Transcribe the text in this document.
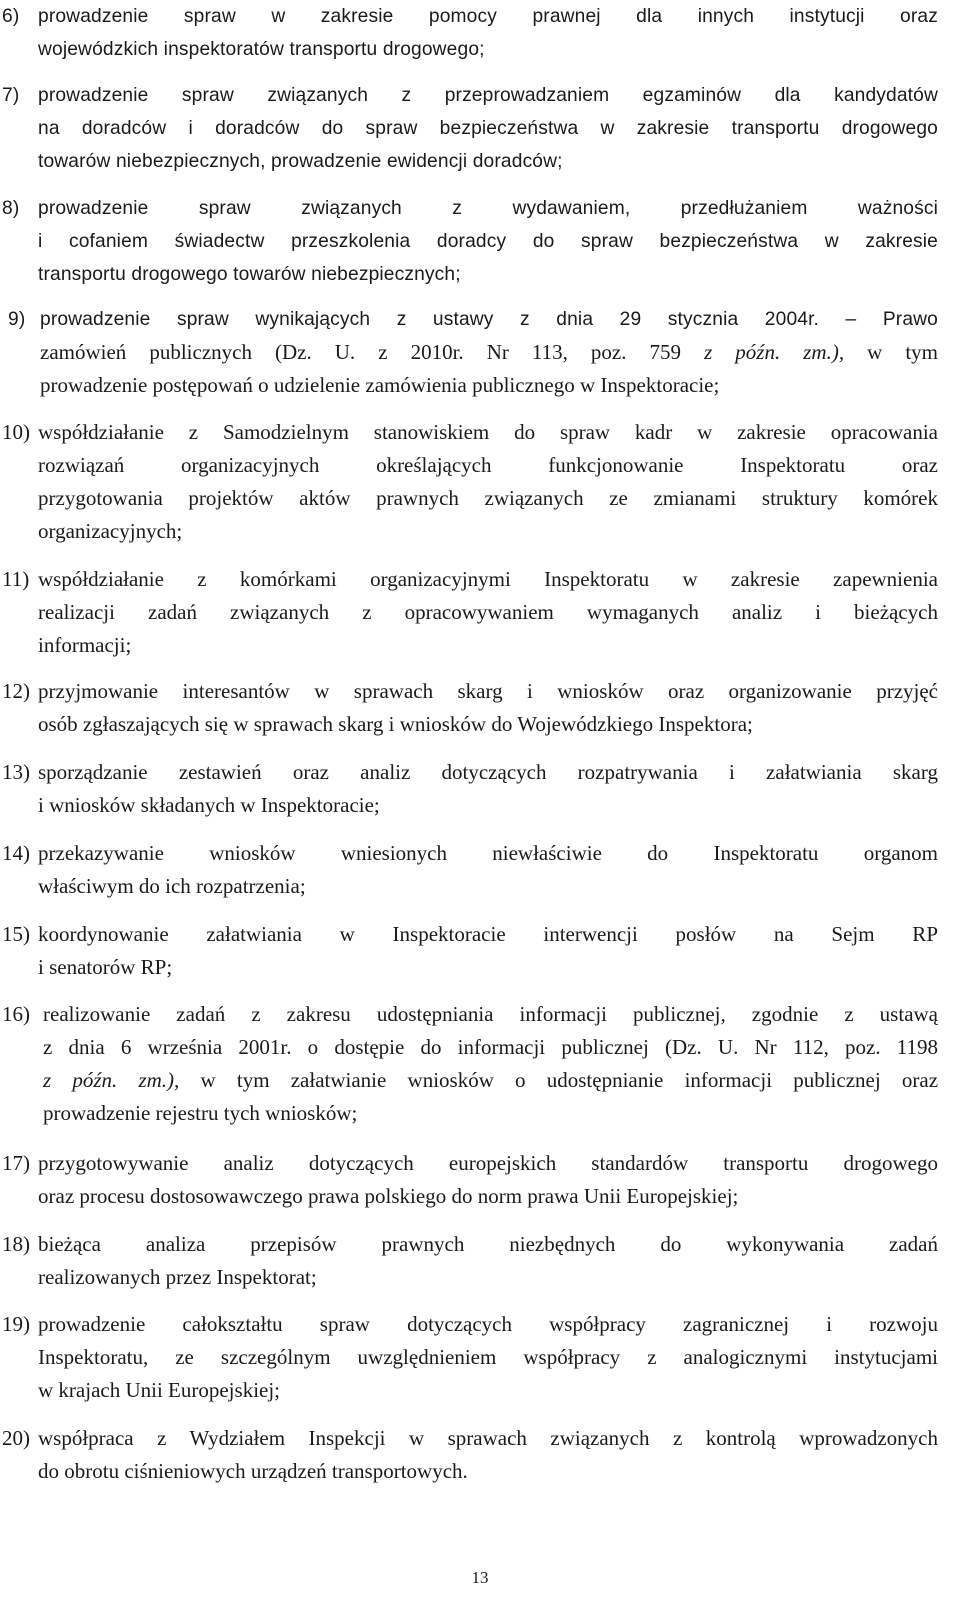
6) prowadzenie spraw w zakresie pomocy prawnej dla innych instytucji oraz
wojewódzkich inspektoratów transportu drogowego;
7) prowadzenie spraw związanych z przeprowadzaniem egzaminów dla kandydatów
na doradców i doradców do spraw bezpieczeństwa w zakresie transportu drogowego
towarów niebezpiecznych, prowadzenie ewidencji doradców;
8) prowadzenie spraw związanych z wydawaniem, przedłużaniem ważności
i cofaniem świadectw przeszkolenia doradcy do spraw bezpieczeństwa w zakresie
transportu drogowego towarów niebezpiecznych;
9) prowadzenie spraw wynikających z ustawy z dnia 29 stycznia 2004r. – Prawo
zamówień publicznych (Dz. U. z 2010r. Nr 113, poz. 759 z późn. zm.), w tym
prowadzenie postępowań o udzielenie zamówienia publicznego w Inspektoracie;
10) współdziałanie z Samodzielnym stanowiskiem do spraw kadr w zakresie opracowania
rozwiązań organizacyjnych określających funkcjonowanie Inspektoratu oraz
przygotowania projektów aktów prawnych związanych ze zmianami struktury komórek
organizacyjnych;
11) współdziałanie z komórkami organizacyjnymi Inspektoratu w zakresie zapewnienia
realizacji zadań związanych z opracowywaniem wymaganych analiz i bieżących
informacji;
12) przyjmowanie interesantów w sprawach skarg i wniosków oraz organizowanie przyjęć
osób zgłaszających się w sprawach skarg i wniosków do Wojewódzkiego Inspektora;
13) sporządzanie zestawień oraz analiz dotyczących rozpatrywania i załatwiania skarg
i wniosków składanych w Inspektoracie;
14) przekazywanie wniosków wniesionych niewłaściwie do Inspektoratu organom
właściwym do ich rozpatrzenia;
15) koordynowanie załatwiania w Inspektoracie interwencji posłów na Sejm RP
i senatorów RP;
16) realizowanie zadań z zakresu udostępniania informacji publicznej, zgodnie z ustawą
z dnia 6 września 2001r. o dostępie do informacji publicznej (Dz. U. Nr 112, poz. 1198
z późn. zm.), w tym załatwianie wniosków o udostępnianie informacji publicznej oraz
prowadzenie rejestru tych wniosków;
17) przygotowywanie analiz dotyczących europejskich standardów transportu drogowego
oraz procesu dostosowawczego prawa polskiego do norm prawa Unii Europejskiej;
18) bieżąca analiza przepisów prawnych niezbędnych do wykonywania zadań
realizowanych przez Inspektorat;
19) prowadzenie całokształtu spraw dotyczących współpracy zagranicznej i rozwoju
Inspektoratu, ze szczególnym uwzględnieniem współpracy z analogicznymi instytucjami
w krajach Unii Europejskiej;
20) współpraca z Wydziałem Inspekcji w sprawach związanych z kontrolą wprowadzonych
do obrotu ciśnieniowych urządzeń transportowych.
13
